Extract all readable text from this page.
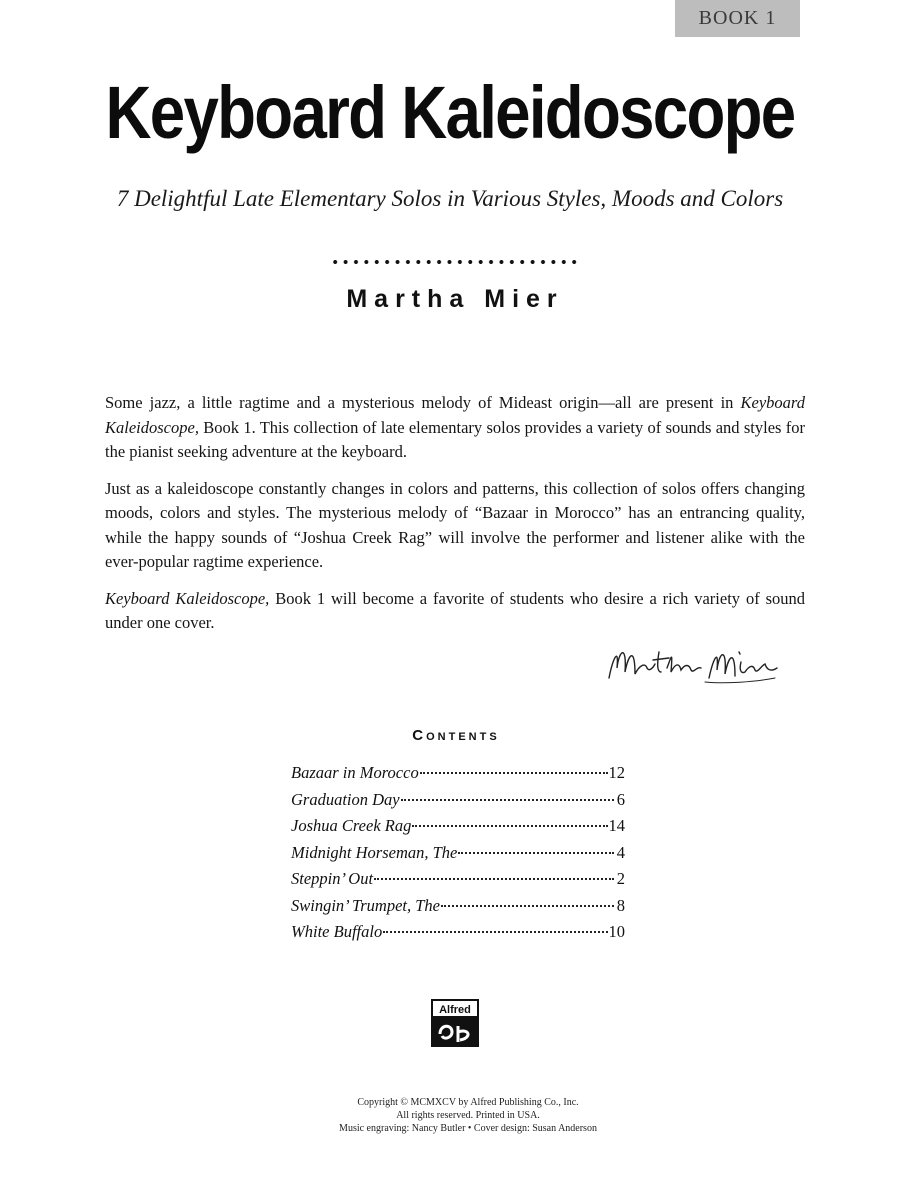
BOOK 1
Keyboard Kaleidoscope
7 Delightful Late Elementary Solos in Various Styles, Moods and Colors
Martha Mier

Some jazz, a little ragtime and a mysterious melody of Mideast origin—all are present in Keyboard Kaleidoscope, Book 1. This collection of late elementary solos provides a variety of sounds and styles for the pianist seeking adventure at the keyboard.

Just as a kaleidoscope constantly changes in colors and patterns, this collection of solos offers changing moods, colors and styles. The mysterious melody of “Bazaar in Morocco” has an entrancing quality, while the happy sounds of “Joshua Creek Rag” will involve the performer and listener alike with the ever-popular ragtime experience.

Keyboard Kaleidoscope, Book 1 will become a favorite of students who desire a rich variety of sound under one cover.

Contents
Bazaar in Morocco	12
Graduation Day	6
Joshua Creek Rag	14
Midnight Horseman, The	4
Steppin’ Out	2
Swingin’ Trumpet, The	8
White Buffalo	10
Alfred
Copyright © MCMXCV by Alfred Publishing Co., Inc.
All rights reserved. Printed in USA.
Music engraving: Nancy Butler • Cover design: Susan Anderson
